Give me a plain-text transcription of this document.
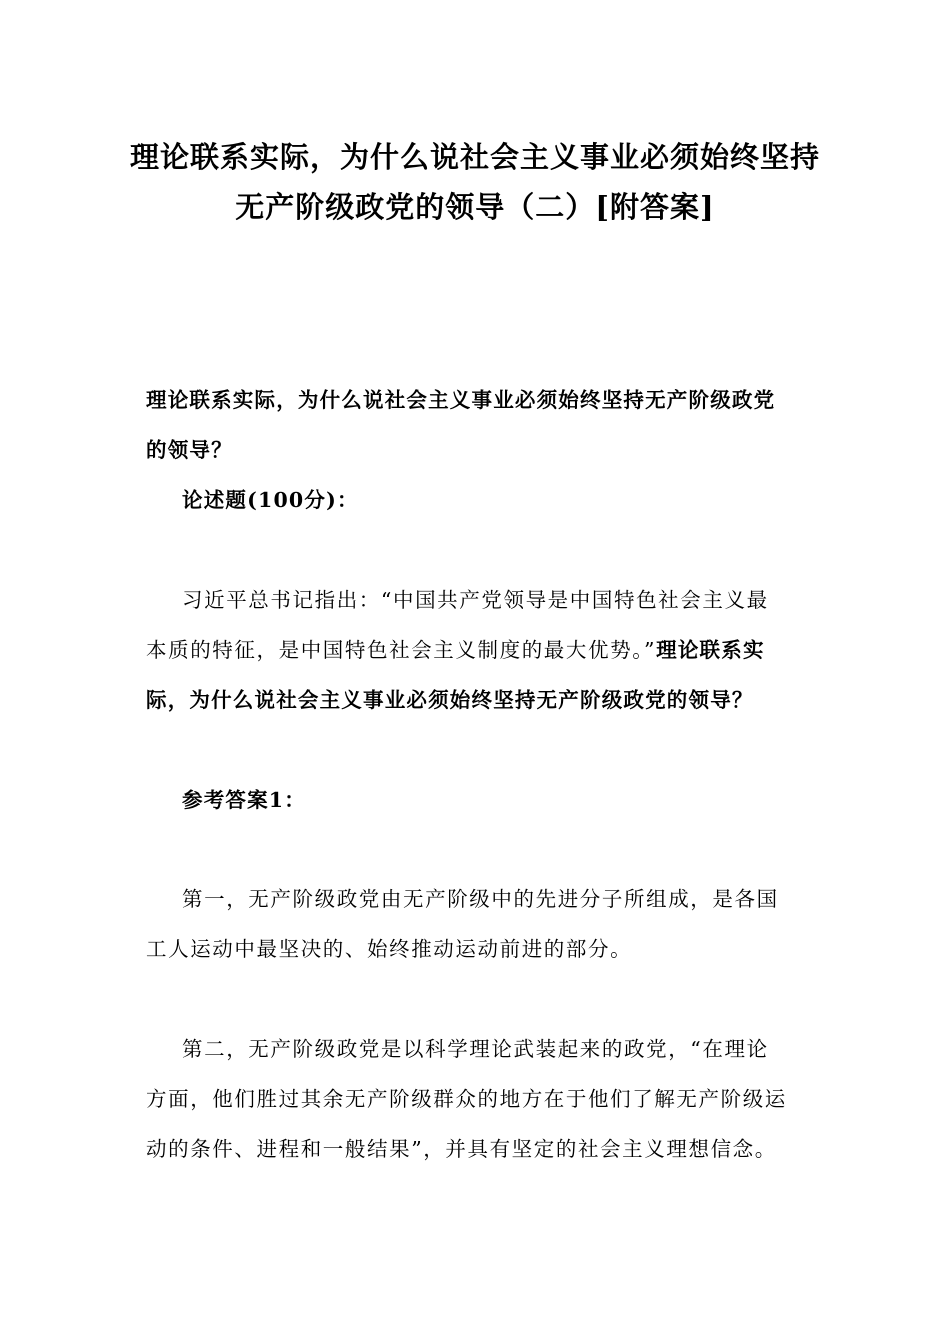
理论联系实际，为什么说社会主义事业必须始终坚持
无产阶级政党的领导（二）[附答案]
理论联系实际，为什么说社会主义事业必须始终坚持无产阶级政党
的领导？
论述题(100分)：
习近平总书记指出：“中国共产党领导是中国特色社会主义最
本质的特征，是中国特色社会主义制度的最大优势。”理论联系实
际，为什么说社会主义事业必须始终坚持无产阶级政党的领导？
参考答案1：
第一，无产阶级政党由无产阶级中的先进分子所组成，是各国
工人运动中最坚决的、始终推动运动前进的部分。
第二，无产阶级政党是以科学理论武装起来的政党，“在理论
方面，他们胜过其余无产阶级群众的地方在于他们了解无产阶级运
动的条件、进程和一般结果”，并具有坚定的社会主义理想信念。
